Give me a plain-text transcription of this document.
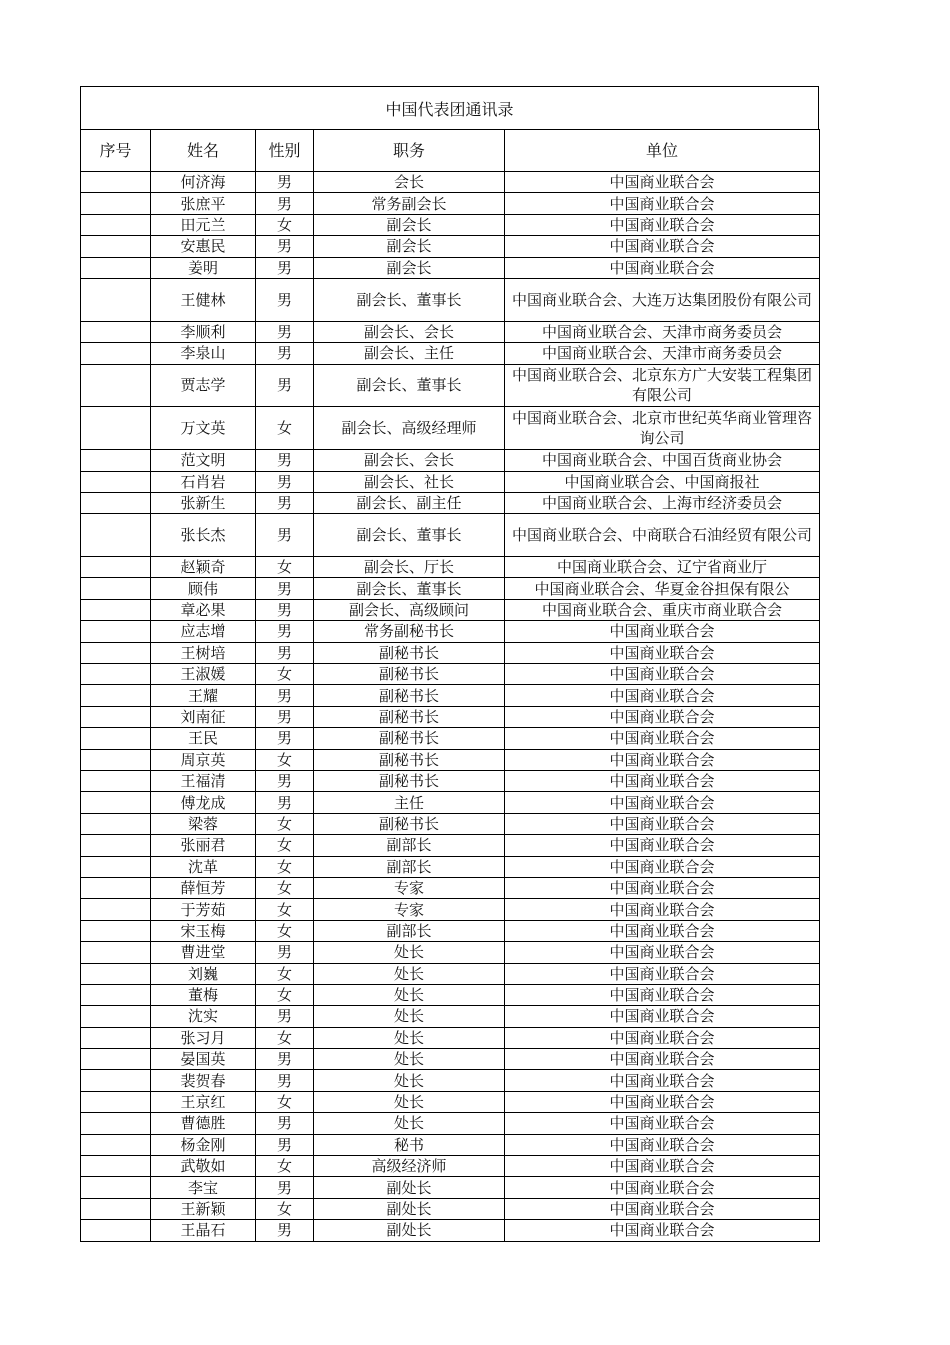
中国代表团通讯录
序号	姓名	性别	职务	单位
	何济海	男	会长	中国商业联合会
	张庶平	男	常务副会长	中国商业联合会
	田元兰	女	副会长	中国商业联合会
	安惠民	男	副会长	中国商业联合会
	姜明	男	副会长	中国商业联合会
	王健林	男	副会长、董事长	中国商业联合会、大连万达集团股份有限公司
	李顺利	男	副会长、会长	中国商业联合会、天津市商务委员会
	李泉山	男	副会长、主任	中国商业联合会、天津市商务委员会
	贾志学	男	副会长、董事长	中国商业联合会、北京东方广大安装工程集团有限公司
	万文英	女	副会长、高级经理师	中国商业联合会、北京市世纪英华商业管理咨询公司
	范文明	男	副会长、会长	中国商业联合会、中国百货商业协会
	石肖岩	男	副会长、社长	中国商业联合会、中国商报社
	张新生	男	副会长、副主任	中国商业联合会、上海市经济委员会
	张长杰	男	副会长、董事长	中国商业联合会、中商联合石油经贸有限公司
	赵颖奇	女	副会长、厅长	中国商业联合会、辽宁省商业厅
	顾伟	男	副会长、董事长	中国商业联合会、华夏金谷担保有限公
	章必果	男	副会长、高级顾问	中国商业联合会、重庆市商业联合会
	应志增	男	常务副秘书长	中国商业联合会
	王树培	男	副秘书长	中国商业联合会
	王淑媛	女	副秘书长	中国商业联合会
	王耀	男	副秘书长	中国商业联合会
	刘南征	男	副秘书长	中国商业联合会
	王民	男	副秘书长	中国商业联合会
	周京英	女	副秘书长	中国商业联合会
	王福清	男	副秘书长	中国商业联合会
	傅龙成	男	主任	中国商业联合会
	梁蓉	女	副秘书长	中国商业联合会
	张丽君	女	副部长	中国商业联合会
	沈革	女	副部长	中国商业联合会
	薛恒芳	女	专家	中国商业联合会
	于芳茹	女	专家	中国商业联合会
	宋玉梅	女	副部长	中国商业联合会
	曹进堂	男	处长	中国商业联合会
	刘巍	女	处长	中国商业联合会
	董梅	女	处长	中国商业联合会
	沈实	男	处长	中国商业联合会
	张习月	女	处长	中国商业联合会
	晏国英	男	处长	中国商业联合会
	裴贺春	男	处长	中国商业联合会
	王京红	女	处长	中国商业联合会
	曹德胜	男	处长	中国商业联合会
	杨金刚	男	秘书	中国商业联合会
	武敬如	女	高级经济师	中国商业联合会
	李宝	男	副处长	中国商业联合会
	王新颖	女	副处长	中国商业联合会
	王晶石	男	副处长	中国商业联合会
